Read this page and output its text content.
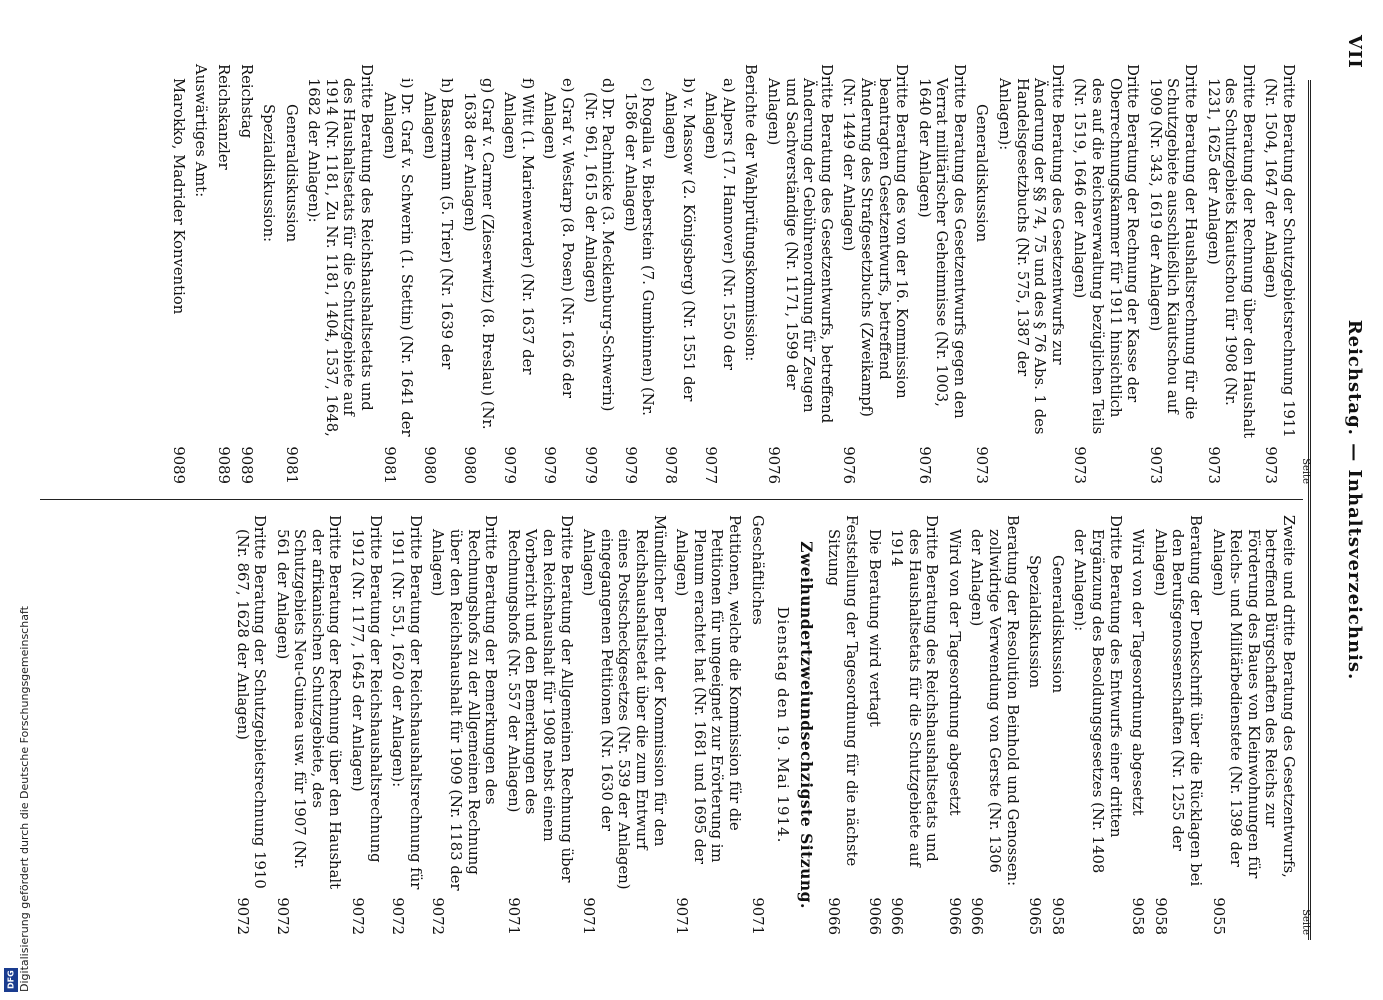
VII
Reichstag. — Inhaltsverzeichnis.
Seite
Dritte Beratung der Schutzgebietsrechnung 1911 (Nr. 1504, 1647 der Anlagen)
9073
Dritte Beratung der Rechnung über den Haushalt des Schutzgebiets Kiautschou für 1908 (Nr. 1231, 1625 der Anlagen)
9073
Dritte Beratung der Haushaltsrechnung für die Schutzgebiete ausschließlich Kiautschou auf 1909 (Nr. 343, 1619 der Anlagen)
9073
Dritte Beratung der Rechnung der Kasse der Oberrechnungskammer für 1911 hinsichtlich des auf die Reichsverwaltung bezüglichen Teils (Nr. 1519, 1646 der Anlagen)
9073
Dritte Beratung des Gesetzentwurfs zur Änderung der §§ 74, 75 und des § 76 Abs. 1 des Handelsgesetzbuchs (Nr. 575, 1387 der Anlagen):
Generaldiskussion
9073
Dritte Beratung des Gesetzentwurfs gegen den Verrat militärischer Geheimnisse (Nr. 1003, 1640 der Anlagen)
9076
Dritte Beratung des von der 16. Kommission beantragten Gesetzentwurfs, betreffend Änderung des Strafgesetzbuchs (Zweikampf) (Nr. 1449 der Anlagen)
9076
Dritte Beratung des Gesetzentwurfs, betreffend Änderung der Gebührenordnung für Zeugen und Sachverständige (Nr. 1171, 1599 der Anlagen)
9076
Berichte der Wahlprüfungskommission:
a) Alpers (17. Hannover) (Nr. 1550 der Anlagen)
9077
b) v. Massow (2. Königsberg) (Nr. 1551 der Anlagen)
9078
c) Rogalla v. Bieberstein (7. Gumbinnen) (Nr. 1586 der Anlagen)
9079
d) Dr. Pachnicke (3. Mecklenburg-Schwerin) (Nr. 961, 1615 der Anlagen)
9079
e) Graf v. Westarp (8. Posen) (Nr. 1636 der Anlagen)
9079
f) Witt (1. Marienwerder) (Nr. 1637 der Anlagen)
9079
g) Graf v. Carmer (Zieserwitz) (8. Breslau) (Nr. 1638 der Anlagen)
9080
h) Bassermann (5. Trier) (Nr. 1639 der Anlagen)
9080
i) Dr. Graf v. Schwerin (1. Stettin) (Nr. 1641 der Anlagen)
9081
Dritte Beratung des Reichshaushaltsetats und des Haushaltsetats für die Schutzgebiete auf 1914 (Nr. 1181, Zu Nr. 1181, 1404, 1537, 1648, 1682 der Anlagen):
Generaldiskussion
9081
Spezialdiskussion:
Reichstag
9089
Reichskanzler
9089
Auswärtiges Amt:
Marokko, Madrider Konvention
9089
Seite
Zweite und dritte Beratung des Gesetzentwurfs, betreffend Bürgschaften des Reichs zur Förderung des Baues von Kleinwohnungen für Reichs- und Militärbedienstete (Nr. 1398 der Anlagen)
9055
Beratung der Denkschrift über die Rücklagen bei den Berufsgenossenschaften (Nr. 1255 der Anlagen)
9058
Wird von der Tagesordnung abgesetzt
9058
Dritte Beratung des Entwurfs einer dritten Ergänzung des Besoldungsgesetzes (Nr. 1408 der Anlagen):
Generaldiskussion
9058
Spezialdiskussion
9065
Beratung der Resolution Beinhold und Genossen: zollwidrige Verwendung von Gerste (Nr. 1306 der Anlagen)
9066
Wird von der Tagesordnung abgesetzt
9066
Dritte Beratung des Reichshaushaltsetats und des Haushaltsetats für die Schutzgebiete auf 1914
9066
Die Beratung wird vertagt
9066
Feststellung der Tagesordnung für die nächste Sitzung
9066
Zweihundertzweiundsechzigste Sitzung.
Dienstag den 19. Mai 1914.
Geschäftliches
9071
Petitionen, welche die Kommission für die Petitionen für ungeeignet zur Erörterung im Plenum erachtet hat (Nr. 1681 und 1695 der Anlagen)
9071
Mündlicher Bericht der Kommission für den Reichshaushaltsetat über die zum Entwurf eines Postscheckgesetzes (Nr. 539 der Anlagen) eingegangenen Petitionen (Nr. 1630 der Anlagen)
9071
Dritte Beratung der Allgemeinen Rechnung über den Reichshaushalt für 1908 nebst einem Vorbericht und den Bemerkungen des Rechnungshofs (Nr. 557 der Anlagen)
9071
Dritte Beratung der Bemerkungen des Rechnungshofs zu der Allgemeinen Rechnung über den Reichshaushalt für 1909 (Nr. 1183 der Anlagen)
9072
Dritte Beratung der Reichshaushaltsrechnung für 1911 (Nr. 551, 1620 der Anlagen):
9072
Dritte Beratung der Reichshaushaltsrechnung 1912 (Nr. 1177, 1645 der Anlagen)
9072
Dritte Beratung der Rechnung über den Haushalt der afrikanischen Schutzgebiete, des Schutzgebiets Neu-Guinea usw. für 1907 (Nr. 561 der Anlagen)
9072
Dritte Beratung der Schutzgebietsrechnung 1910 (Nr. 867, 1628 der Anlagen)
9072
DFG Digitalisierung gefördert durch die Deutsche Forschungsgemeinschaft
